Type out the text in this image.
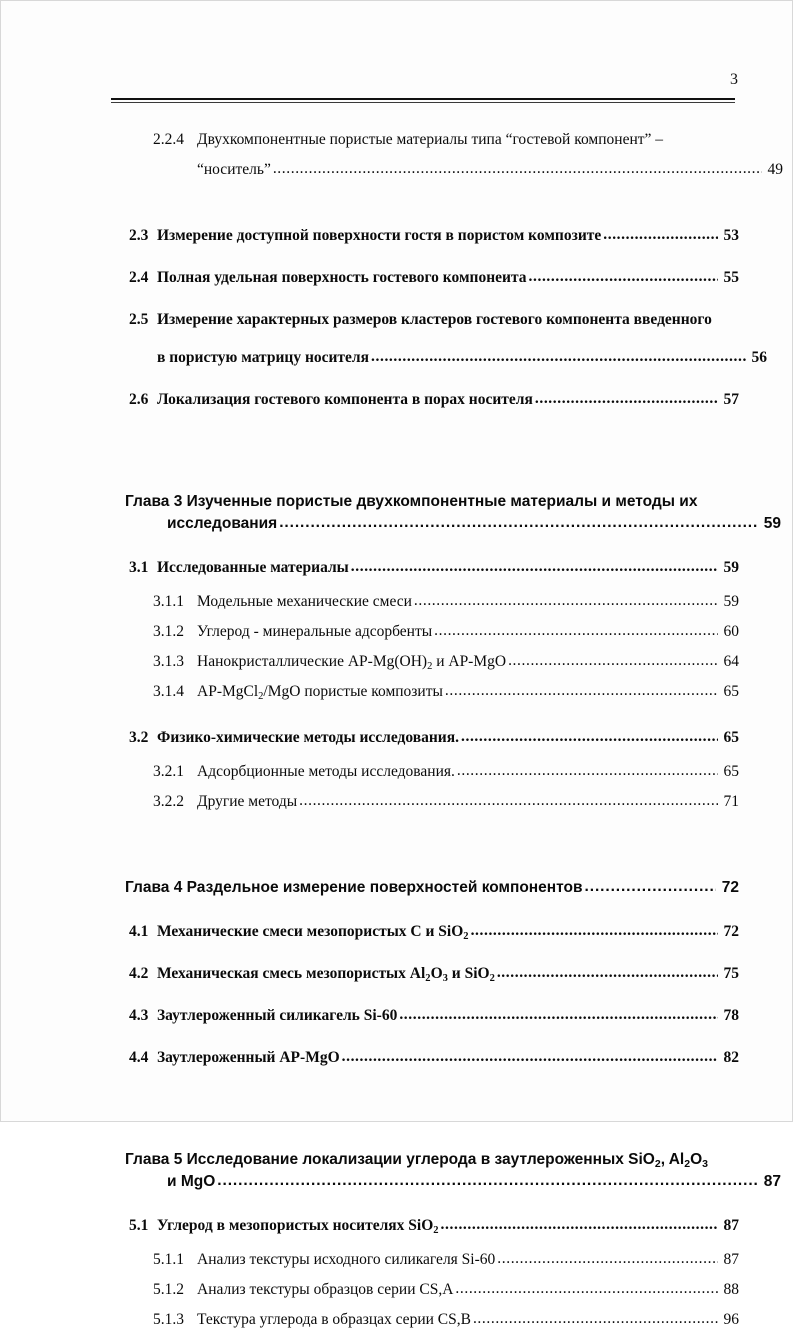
3
2.2.4 Двухкомпонентные пористые материалы типа “гостевой компонент” –
“носитель” .....	49
2.3 Измерение доступной поверхности гостя в пористом композите .....	53
2.4 Полная удельная поверхность гостевого компонеита .....	55
2.5 Измерение характерных размеров кластеров гостевого компонента введенного
в пористую матрицу носителя .....	56
2.6 Локализация гостевого компонента в порах носителя .....	57
Глава 3 Изученные пористые двухкомпонентные материалы и методы их
исследования .....	59
3.1 Исследованные материалы .....	59
3.1.1 Модельные механические смеси .....	59
3.1.2 Углерод - минеральные адсорбенты .....	60
3.1.3 Нанокристаллические $AP-Mg(OH)_2$ и AP-MgO .....	64
3.1.4 AP-MgCl$_2$/MgO пористые композиты .....	65
3.2 Физико-химические методы исследования. .....	65
3.2.1 Адсорбционные методы исследования. .....	65
3.2.2 Другие методы .....	71
Глава 4 Раздельное измерение поверхностей компонентов .....	72
4.1 Механические смеси мезопористых C и SiO$_2$ .....	72
4.2 Механическая смесь мезопористых $Al_2O_3$ и SiO$_2$ .....	75
4.3 Заутлероженный силикагель Si-60 .....	78
4.4 Заутлероженный AP-MgO .....	82
Глава 5 Исследование локализации углерода в заутлероженных SiO$_2$, $Al_2O_3$
и MgO .....	87
5.1 Углерод в мезопористых носителях SiO$_2$ .....	87
5.1.1 Анализ текстуры исходного силикагеля Si-60 .....	87
5.1.2 Анализ текстуры образцов серии CS,A .....	88
5.1.3 Текстура углерода в образцах серии CS,B .....	96
